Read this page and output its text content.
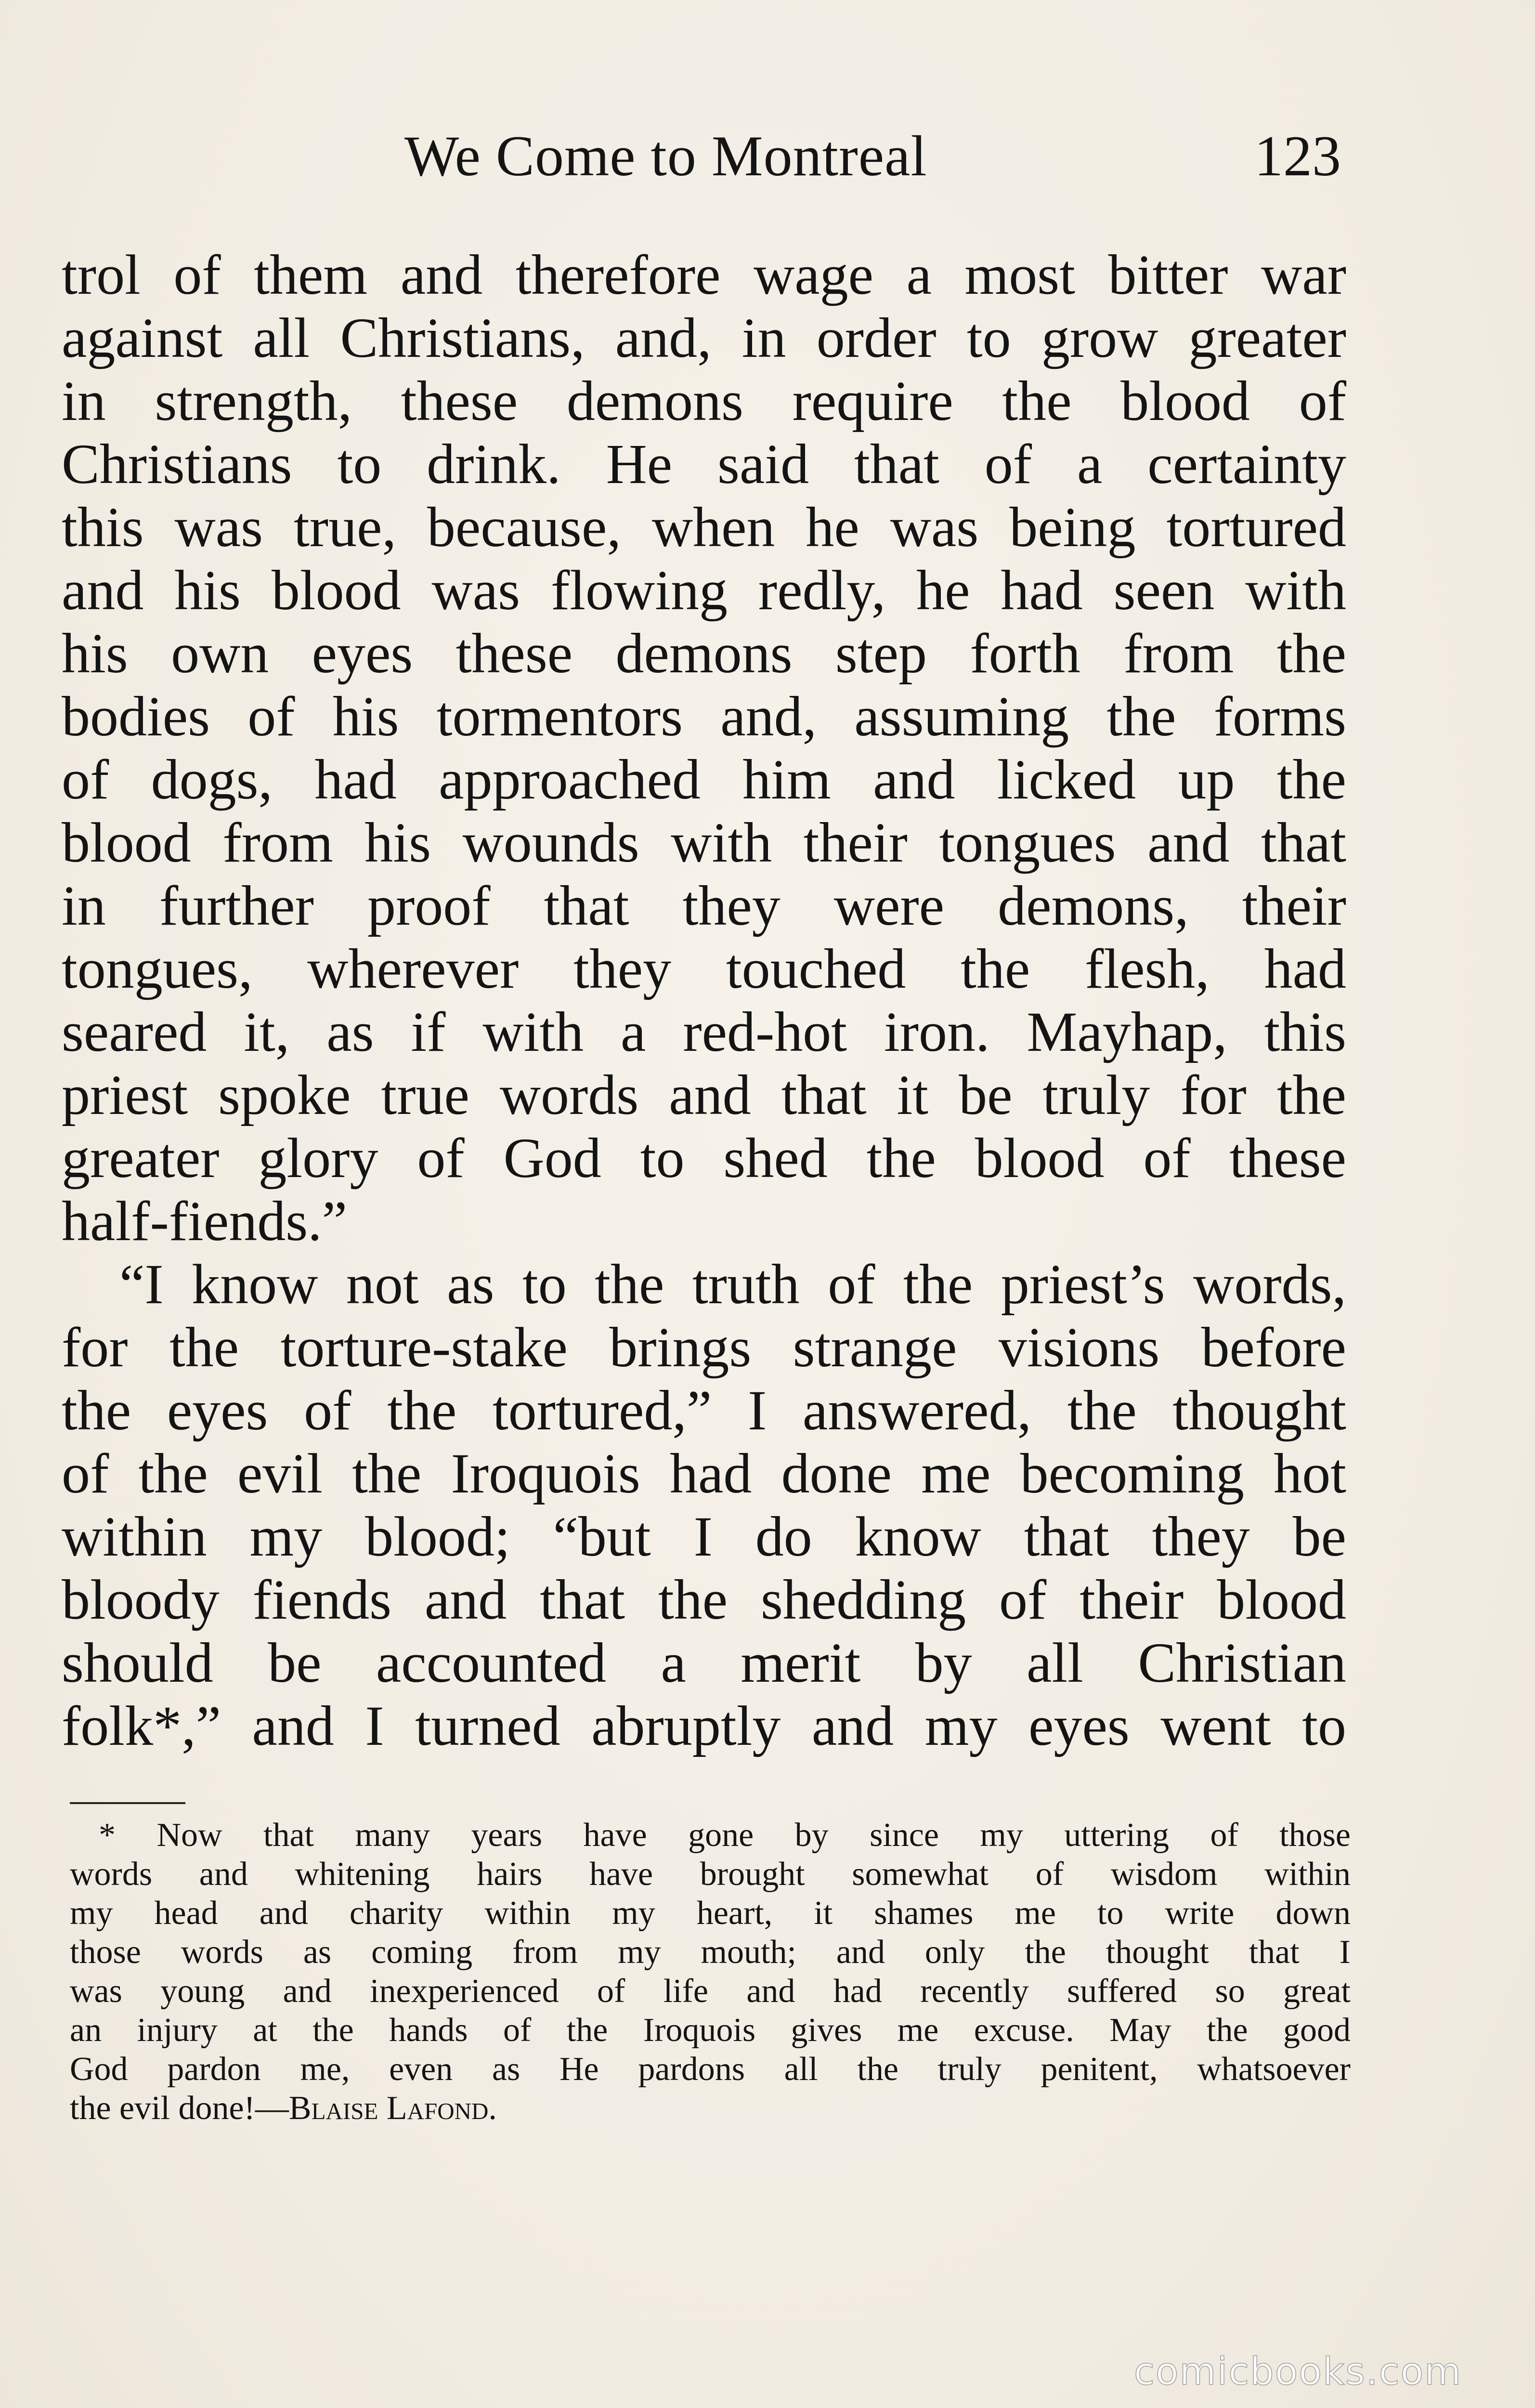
We Come to Montreal	123
trol of them and therefore wage a most bitter war
against all Christians, and, in order to grow greater
in strength, these demons require the blood of
Christians to drink. He said that of a certainty
this was true, because, when he was being tortured
and his blood was flowing redly, he had seen with
his own eyes these demons step forth from the
bodies of his tormentors and, assuming the forms
of dogs, had approached him and licked up the
blood from his wounds with their tongues and that
in further proof that they were demons, their
tongues, wherever they touched the flesh, had
seared it, as if with a red-hot iron. Mayhap, this
priest spoke true words and that it be truly for the
greater glory of God to shed the blood of these
half-fiends.”
“I know not as to the truth of the priest’s words,
for the torture-stake brings strange visions before
the eyes of the tortured,” I answered, the thought
of the evil the Iroquois had done me becoming hot
within my blood; “but I do know that they be
bloody fiends and that the shedding of their blood
should be accounted a merit by all Christian
folk*,” and I turned abruptly and my eyes went to
* Now that many years have gone by since my uttering of those
words and whitening hairs have brought somewhat of wisdom within
my head and charity within my heart, it shames me to write down
those words as coming from my mouth; and only the thought that I
was young and inexperienced of life and had recently suffered so great
an injury at the hands of the Iroquois gives me excuse. May the good
God pardon me, even as He pardons all the truly penitent, whatsoever
the evil done!—Blaise Lafond.
comicbooks.com
